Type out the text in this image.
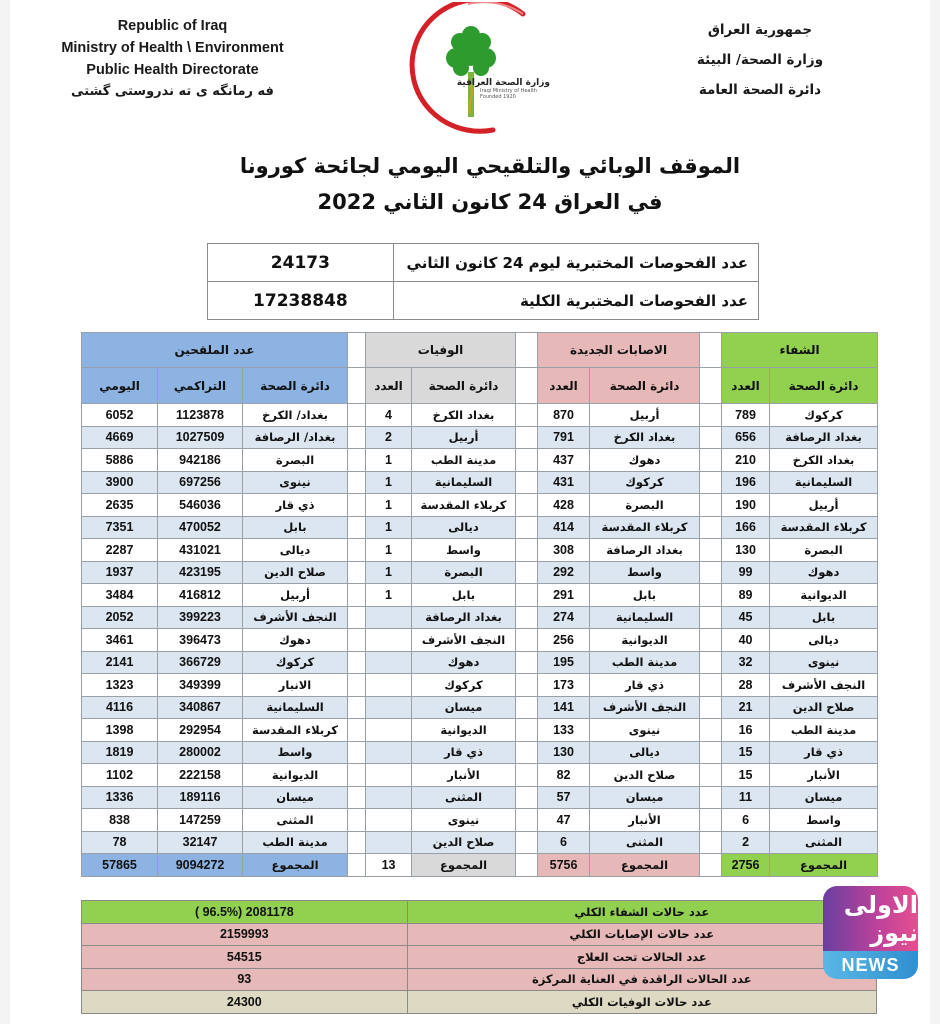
Republic of Iraq
Ministry of Health \ Environment
Public Health Directorate
فه رمانگه ی ته ندروستی گشتی
وزارة الصحة العراقية
Iraqi Ministry of Health
Founded 1920
جمهورية العراق
وزارة الصحة/ البيئة
دائرة الصحة العامة
الموقف الوبائي والتلقيحي اليومي لجائحة كورونا
في العراق 24 كانون الثاني 2022
24173	عدد الفحوصات المختبرية ليوم 24 كانون الثاني
17238848	عدد الفحوصات المختبرية الكلية
الشفاء			الاصابات الجديدة			الوفيات			عدد الملقحين		
دائرة الصحة	العدد		دائرة الصحة	العدد		دائرة الصحة	العدد		دائرة الصحة	التراكمي	اليومي
كركوك	789		أربيل	870		بغداد الكرخ	4		بغداد/ الكرخ	1123878	6052
بغداد الرصافة	656		بغداد الكرخ	791		أربيل	2		بغداد/ الرصافة	1027509	4669
بغداد الكرخ	210		دهوك	437		مدينة الطب	1		البصرة	942186	5886
السليمانية	196		كركوك	431		السليمانية	1		نينوى	697256	3900
أربيل	190		البصرة	428		كربلاء المقدسة	1		ذي قار	546036	2635
كربلاء المقدسة	166		كربلاء المقدسة	414		ديالى	1		بابل	470052	7351
البصرة	130		بغداد الرصافة	308		واسط	1		ديالى	431021	2287
دهوك	99		واسط	292		البصرة	1		صلاح الدين	423195	1937
الديوانية	89		بابل	291		بابل	1		أربيل	416812	3484
بابل	45		السليمانية	274		بغداد الرصافة			النجف الأشرف	399223	2052
ديالى	40		الديوانية	256		النجف الأشرف			دهوك	396473	3461
نينوى	32		مدينة الطب	195		دهوك			كركوك	366729	2141
النجف الأشرف	28		ذي قار	173		كركوك			الانبار	349399	1323
صلاح الدين	21		النجف الأشرف	141		ميسان			السليمانية	340867	4116
مدينة الطب	16		نينوى	133		الديوانية			كربلاء المقدسة	292954	1398
ذي قار	15		ديالى	130		ذي قار			واسط	280002	1819
الأنبار	15		صلاح الدين	82		الأنبار			الديوانية	222158	1102
ميسان	11		ميسان	57		المثنى			ميسان	189116	1336
واسط	6		الأنبار	47		نينوى			المثنى	147259	838
المثنى	2		المثنى	6		صلاح الدين			مدينة الطب	32147	78
المجموع	2756		المجموع	5756		المجموع	13		المجموع	9094272	57865
عدد حالات الشفاء الكلي	( 96.5%) 2081178
عدد حالات الإصابات الكلي	2159993
عدد الحالات تحت العلاج	54515
عدد الحالات الراقدة في العناية المركزة	93
عدد حالات الوفيات الكلي	24300
الاولى نيوز
NEWS
